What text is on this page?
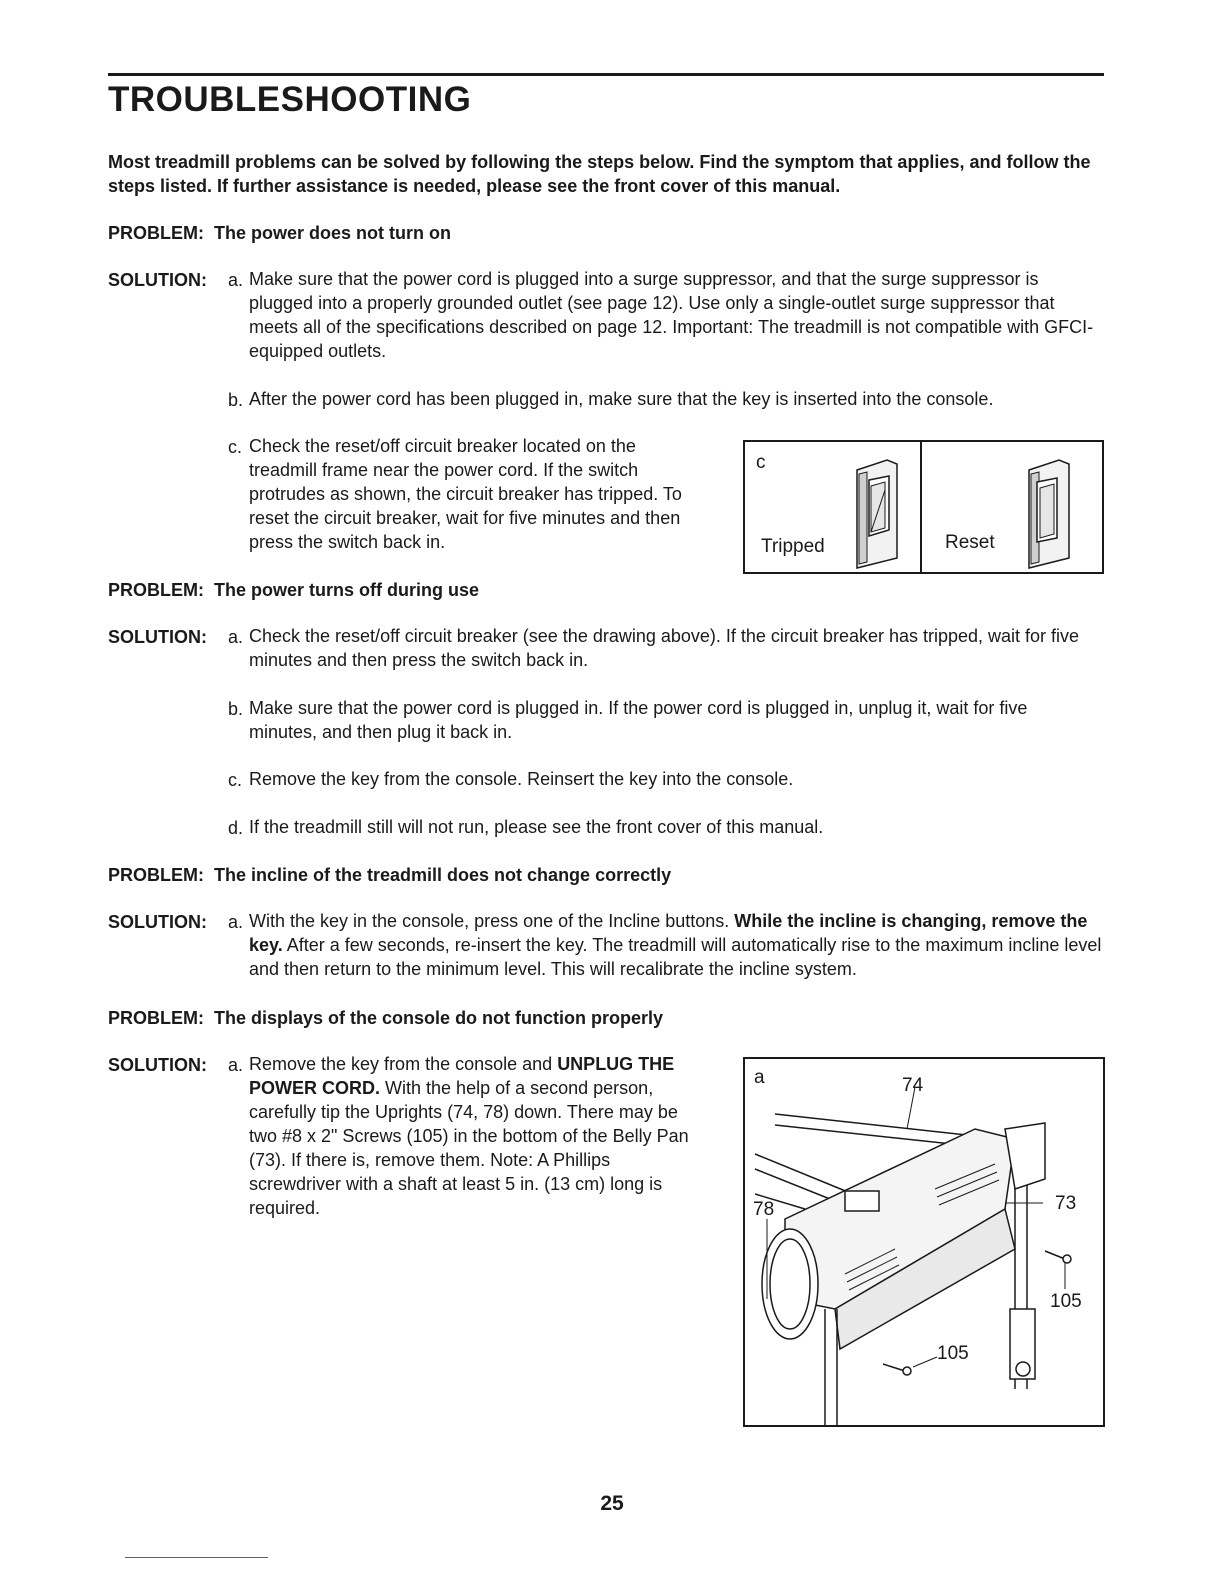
TROUBLESHOOTING
Most treadmill problems can be solved by following the steps below. Find the symptom that applies, and follow the steps listed. If further assistance is needed, please see the front cover of this manual.
PROBLEM: The power does not turn on
SOLUTION: a. Make sure that the power cord is plugged into a surge suppressor, and that the surge suppressor is plugged into a properly grounded outlet (see page 12). Use only a single-outlet surge suppressor that meets all of the specifications described on page 12. Important: The treadmill is not compatible with GFCI-equipped outlets.
b. After the power cord has been plugged in, make sure that the key is inserted into the console.
c. Check the reset/off circuit breaker located on the treadmill frame near the power cord. If the switch protrudes as shown, the circuit breaker has tripped. To reset the circuit breaker, wait for five minutes and then press the switch back in.
c
Tripped	Reset
PROBLEM: The power turns off during use
SOLUTION: a. Check the reset/off circuit breaker (see the drawing above). If the circuit breaker has tripped, wait for five minutes and then press the switch back in.
b. Make sure that the power cord is plugged in. If the power cord is plugged in, unplug it, wait for five minutes, and then plug it back in.
c. Remove the key from the console. Reinsert the key into the console.
d. If the treadmill still will not run, please see the front cover of this manual.
PROBLEM: The incline of the treadmill does not change correctly
SOLUTION: a. With the key in the console, press one of the Incline buttons. While the incline is changing, remove the key. After a few seconds, re-insert the key. The treadmill will automatically rise to the maximum incline level and then return to the minimum level. This will recalibrate the incline system.
PROBLEM: The displays of the console do not function properly
SOLUTION: a. Remove the key from the console and UNPLUG THE POWER CORD. With the help of a second person, carefully tip the Uprights (74, 78) down. There may be two #8 x 2" Screws (105) in the bottom of the Belly Pan (73). If there is, remove them. Note: A Phillips screwdriver with a shaft at least 5 in. (13 cm) long is required.
a	74
78	73
105
105
25
